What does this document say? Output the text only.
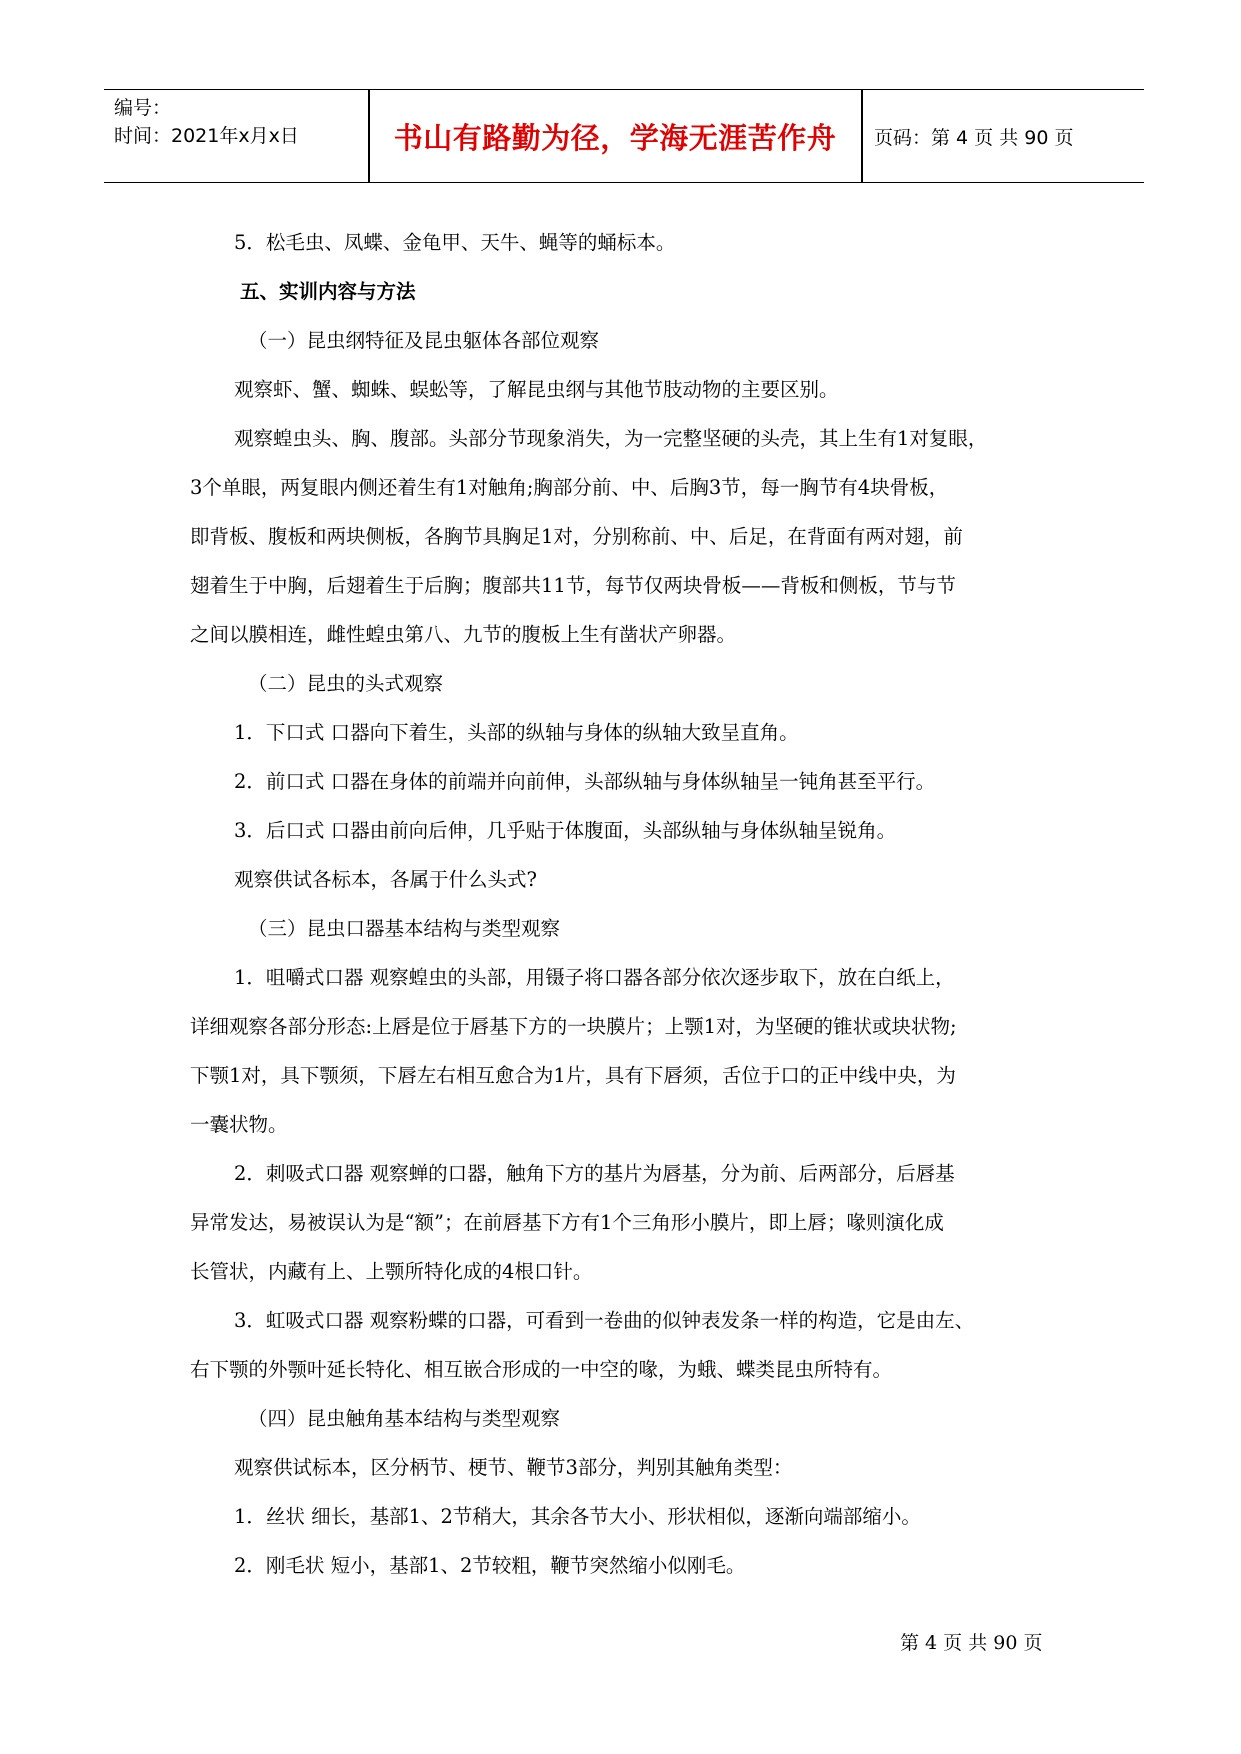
编号：
时间：2021年x月x日	书山有路勤为径，学海无涯苦作舟	页码：第 4 页 共 90 页

5．松毛虫、凤蝶、金龟甲、天牛、蝇等的蛹标本。

五、实训内容与方法

（一）昆虫纲特征及昆虫躯体各部位观察

观察虾、蟹、蜘蛛、蜈蚣等，了解昆虫纲与其他节肢动物的主要区别。

观察蝗虫头、胸、腹部。头部分节现象消失，为一完整坚硬的头壳，其上生有1对复眼，

3个单眼，两复眼内侧还着生有1对触角;胸部分前、中、后胸3节，每一胸节有4块骨板，

即背板、腹板和两块侧板，各胸节具胸足1对，分别称前、中、后足，在背面有两对翅，前

翅着生于中胸，后翅着生于后胸；腹部共11节，每节仅两块骨板——背板和侧板，节与节

之间以膜相连，雌性蝗虫第八、九节的腹板上生有凿状产卵器。

（二）昆虫的头式观察

1．下口式 口器向下着生，头部的纵轴与身体的纵轴大致呈直角。

2．前口式 口器在身体的前端并向前伸，头部纵轴与身体纵轴呈一钝角甚至平行。

3．后口式 口器由前向后伸，几乎贴于体腹面，头部纵轴与身体纵轴呈锐角。

观察供试各标本，各属于什么头式?

（三）昆虫口器基本结构与类型观察

1．咀嚼式口器 观察蝗虫的头部，用镊子将口器各部分依次逐步取下，放在白纸上，

详细观察各部分形态:上唇是位于唇基下方的一块膜片；上颚1对，为坚硬的锥状或块状物;

下颚1对，具下颚须，下唇左右相互愈合为1片，具有下唇须，舌位于口的正中线中央，为

一囊状物。

2．刺吸式口器 观察蝉的口器，触角下方的基片为唇基，分为前、后两部分，后唇基

异常发达，易被误认为是“额”；在前唇基下方有1个三角形小膜片，即上唇；喙则演化成

长管状，内藏有上、上颚所特化成的4根口针。

3．虹吸式口器 观察粉蝶的口器，可看到一卷曲的似钟表发条一样的构造，它是由左、

右下颚的外颚叶延长特化、相互嵌合形成的一中空的喙，为蛾、蝶类昆虫所特有。

（四）昆虫触角基本结构与类型观察

观察供试标本，区分柄节、梗节、鞭节3部分，判别其触角类型：

1．丝状 细长，基部1、2节稍大，其余各节大小、形状相似，逐渐向端部缩小。

2．刚毛状 短小，基部1、2节较粗，鞭节突然缩小似刚毛。

第 4 页 共 90 页
